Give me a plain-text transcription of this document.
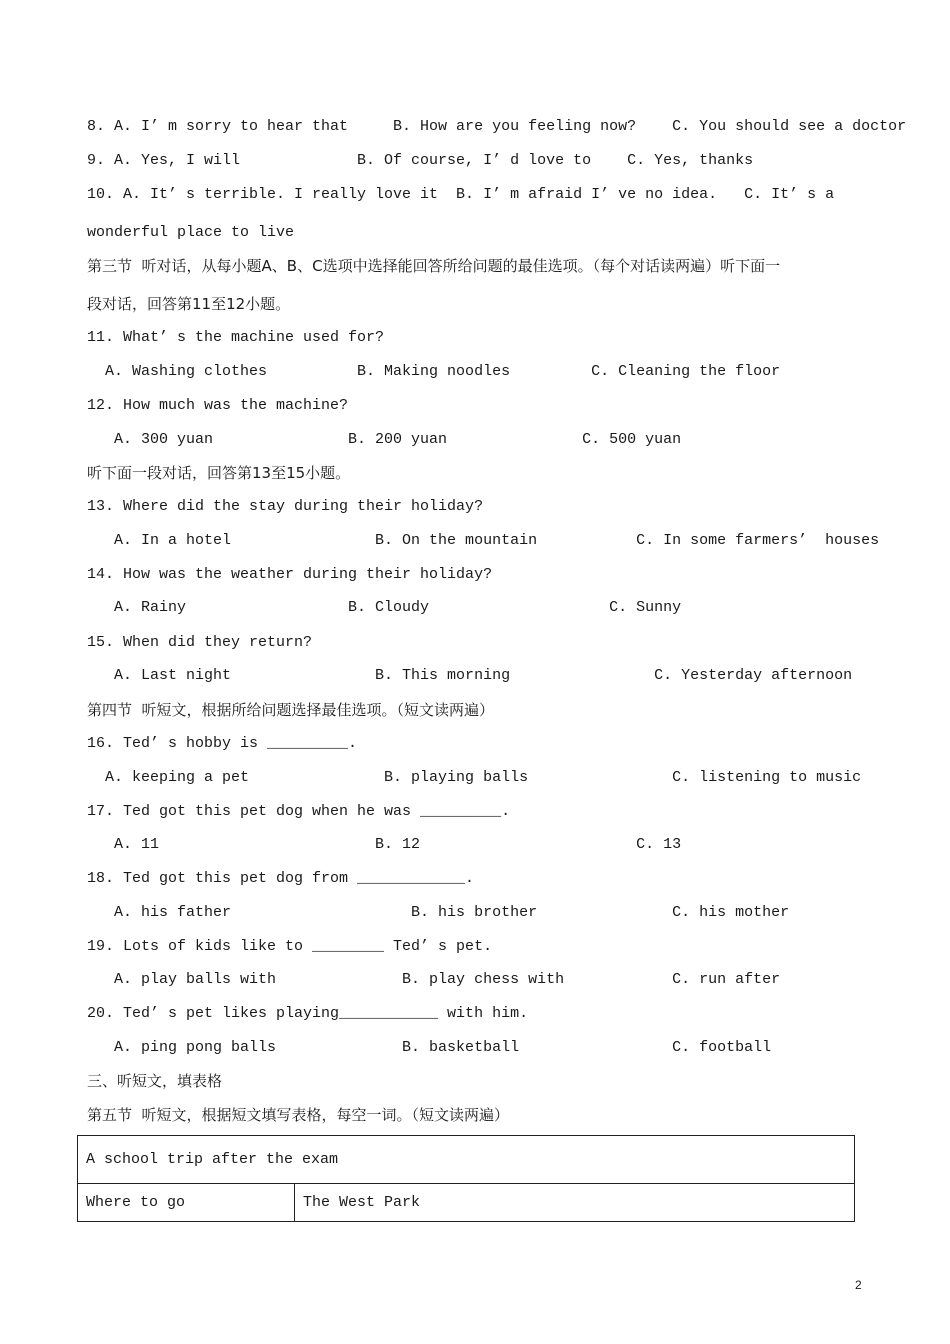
8. A. I’ m sorry to hear that     B. How are you feeling now?    C. You should see a doctor
9. A. Yes, I will             B. Of course, I’ d love to    C. Yes, thanks
10. A. It’ s terrible. I really love it  B. I’ m afraid I’ ve no idea.   C. It’ s a
wonderful place to live
第三节  听对话，从每小题A、B、C选项中选择能回答所给问题的最佳选项。（每个对话读两遍）听下面一
段对话，回答第11至12小题。
11. What’ s the machine used for?
A. Washing clothes          B. Making noodles         C. Cleaning the floor
12. How much was the machine?
A. 300 yuan               B. 200 yuan               C. 500 yuan
听下面一段对话，回答第13至15小题。
13. Where did the stay during their holiday?
A. In a hotel                B. On the mountain           C. In some farmers’  houses
14. How was the weather during their holiday?
A. Rainy                  B. Cloudy                    C. Sunny
15. When did they return?
A. Last night                B. This morning                C. Yesterday afternoon
第四节  听短文，根据所给问题选择最佳选项。（短文读两遍）
16. Ted’ s hobby is _________.
A. keeping a pet               B. playing balls                C. listening to music
17. Ted got this pet dog when he was _________.
A. 11                        B. 12                        C. 13
18. Ted got this pet dog from ____________.
A. his father                    B. his brother               C. his mother
19. Lots of kids like to ________ Ted’ s pet.
A. play balls with              B. play chess with            C. run after
20. Ted’ s pet likes playing___________ with him.
A. ping pong balls              B. basketball                 C. football
三、听短文，填表格
第五节  听短文，根据短文填写表格，每空一词。（短文读两遍）
A school trip after the exam
Where to go	The West Park
2
